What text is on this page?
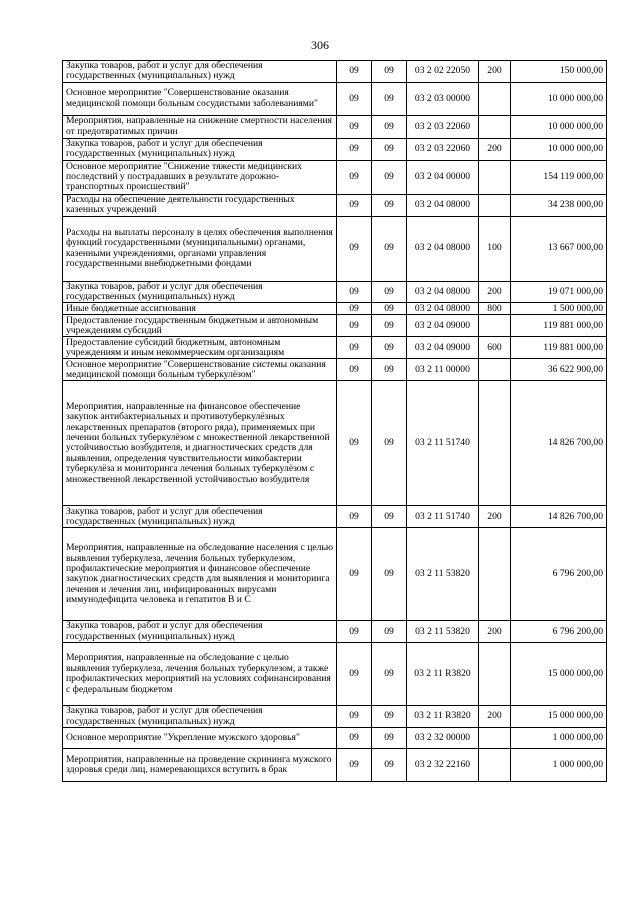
306
Закупка товаров, работ и услуг для обеспечения государственных (муниципальных) нужд	09	09	03 2 02 22050	200	150 000,00
Основное мероприятие "Совершенствование оказания медицинской помощи больным сосудистыми заболеваниями"	09	09	03 2 03 00000		10 000 000,00
Мероприятия, направленные на снижение смертности населения от предотвратимых причин	09	09	03 2 03 22060		10 000 000,00
Закупка товаров, работ и услуг для обеспечения государственных (муниципальных) нужд	09	09	03 2 03 22060	200	10 000 000,00
Основное мероприятие "Снижение тяжести медицинских последствий у пострадавших в результате дорожно-транспортных происшествий"	09	09	03 2 04 00000		154 119 000,00
Расходы на обеспечение деятельности государственных казенных учреждений	09	09	03 2 04 08000		34 238 000,00
Расходы на выплаты персоналу в целях обеспечения выполнения функций государственными (муниципальными) органами, казенными учреждениями, органами управления государственными внебюджетными фондами	09	09	03 2 04 08000	100	13 667 000,00
Закупка товаров, работ и услуг для обеспечения государственных (муниципальных) нужд	09	09	03 2 04 08000	200	19 071 000,00
Иные бюджетные ассигнования	09	09	03 2 04 08000	800	1 500 000,00
Предоставление государственным бюджетным и автономным учреждениям субсидий	09	09	03 2 04 09000		119 881 000,00
Предоставление субсидий бюджетным, автономным учреждениям и иным некоммерческим организациям	09	09	03 2 04 09000	600	119 881 000,00
Основное мероприятие "Совершенствование системы оказания медицинской помощи больным туберкулёзом"	09	09	03 2 11 00000		36 622 900,00
Мероприятия, направленные на финансовое обеспечение закупок антибактериальных и противотуберкулёзных лекарственных препаратов (второго ряда), применяемых при лечении больных туберкулёзом с множественной лекарственной устойчивостью возбудителя, и диагностических средств для выявления, определения чувствительности микобактерии туберкулёза и мониторинга лечения больных туберкулёзом с множественной лекарственной устойчивостью возбудителя	09	09	03 2 11 51740		14 826 700,00
Закупка товаров, работ и услуг для обеспечения государственных (муниципальных) нужд	09	09	03 2 11 51740	200	14 826 700,00
Мероприятия, направленные на обследование населения с целью выявления туберкулеза, лечения больных туберкулезом, профилактические мероприятия и финансовое обеспечение закупок диагностических средств для выявления и мониторинга лечения и лечения лиц, инфицированных вирусами иммунодефицита человека и гепатитов В и С	09	09	03 2 11 53820		6 796 200,00
Закупка товаров, работ и услуг для обеспечения государственных (муниципальных) нужд	09	09	03 2 11 53820	200	6 796 200,00
Мероприятия, направленные на обследование с целью выявления туберкулеза, лечения больных туберкулезом, а также профилактических мероприятий на условиях софинансирования с федеральным бюджетом	09	09	03 2 11 R3820		15 000 000,00
Закупка товаров, работ и услуг для обеспечения государственных (муниципальных) нужд	09	09	03 2 11 R3820	200	15 000 000,00
Основное мероприятие "Укрепление мужского здоровья"	09	09	03 2 32 00000		1 000 000,00
Мероприятия, направленные на проведение скрининга мужского здоровья среди лиц, намеревающихся вступить в брак	09	09	03 2 32 22160		1 000 000,00
